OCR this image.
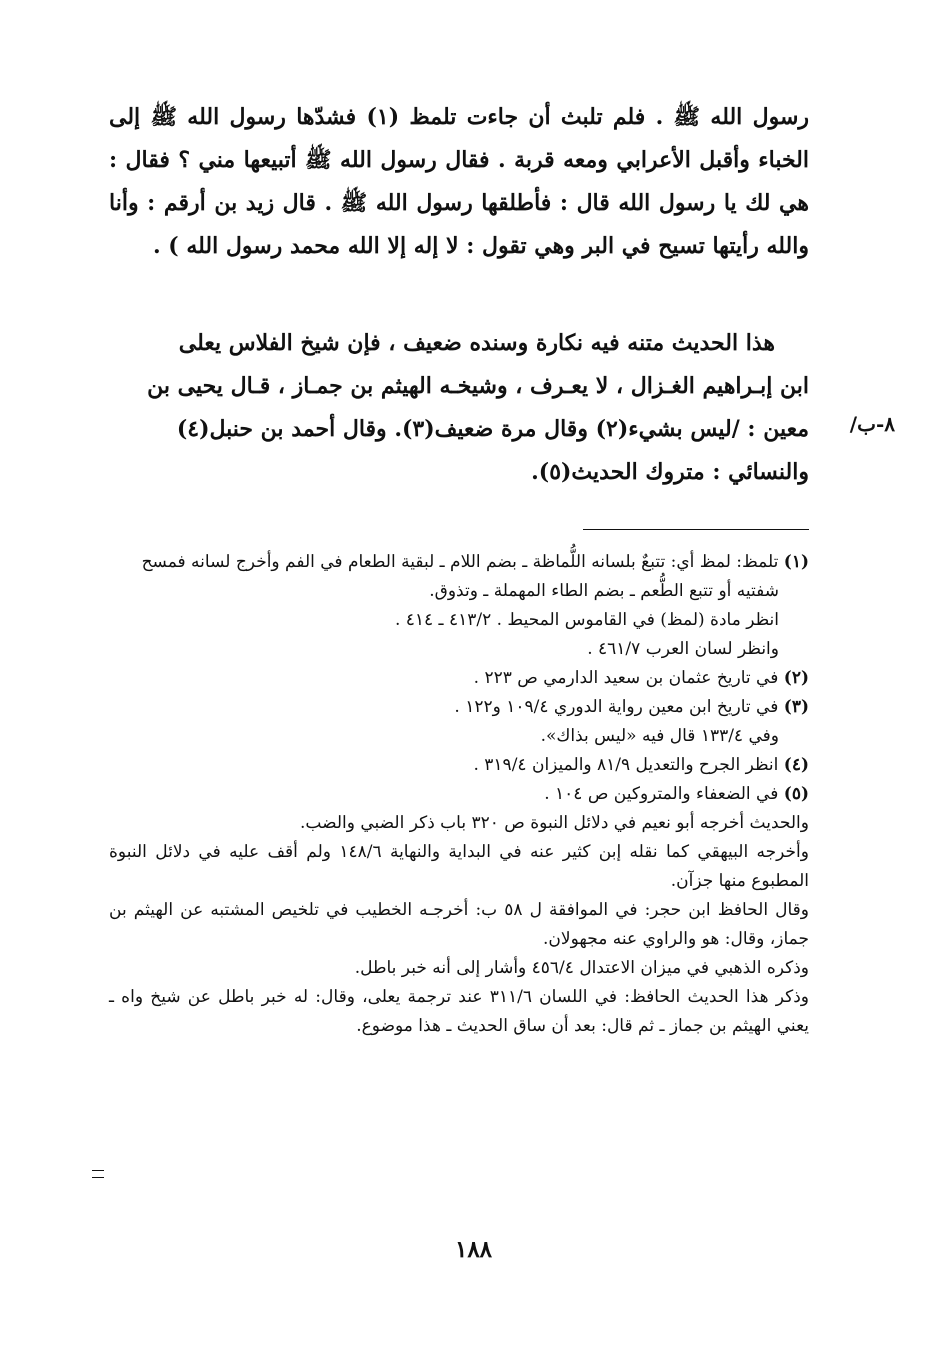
رسول الله ﷺ . فلم تلبث أن جاءت تلمظ (١) فشدّها رسول الله ﷺ إلى الخباء وأقبل الأعرابي ومعه قربة . فقال رسول الله ﷺ أتبيعها مني ؟ فقال : هي لك يا رسول الله قال : فأطلقها رسول الله ﷺ . قال زيد بن أرقم : وأنا والله رأيتها تسيح في البر وهي تقول : لا إله إلا الله محمد رسول الله ) .

هذا الحديث متنه فيه نكارة وسنده ضعيف ، فإن شيخ الفلاس يعلى
ابن إبـراهيم الغـزال ، لا يعـرف ، وشيخـه الهيثم بن جمـاز ، قـال يحيى بن
معين : /ليس بشيء(٢) وقال مرة ضعيف(٣). وقال أحمد بن حنبل(٤)
والنسائي : متروك الحديث(٥).
/٨-ب

(١) تلمظ: لمظ أي: تتبعٌ بلسانه اللُّماظة ـ بضم اللام ـ لبقية الطعام في الفم وأخرج لسانه فمسح شفتيه أو تتبع الطُّعم ـ بضم الطاء المهملة ـ وتذوق.

انظر مادة (لمظ) في القاموس المحيط . ٤١٣/٢ ـ ٤١٤ .

وانظر لسان العرب ٤٦١/٧ .

(٢) في تاريخ عثمان بن سعيد الدارمي ص ٢٢٣ .

(٣) في تاريخ ابن معين رواية الدوري ١٠٩/٤ و١٢٢ .

وفي ١٣٣/٤ قال فيه «ليس بذاك».

(٤) انظر الجرح والتعديل ٨١/٩ والميزان ٣١٩/٤ .

(٥) في الضعفاء والمتروكين ص ١٠٤ .

والحديث أخرجه أبو نعيم في دلائل النبوة ص ٣٢٠ باب ذكر الضبي والضب.

وأخرجه البيهقي كما نقله إبن كثير عنه في البداية والنهاية ١٤٨/٦ ولم أقف عليه في دلائل النبوة المطبوع منها جزآن.

وقال الحافظ ابن حجر: في الموافقة ل ٥٨ ب: أخرجـه الخطيب في تلخيص المشتبه عن الهيثم بن جماز، وقال: هو والراوي عنه مجهولان.

وذكره الذهبي في ميزان الاعتدال ٤٥٦/٤ وأشار إلى أنه خبر باطل.

وذكر هذا الحديث الحافظ: في اللسان ٣١١/٦ عند ترجمة يعلى، وقال: له خبر باطل عن شيخ واه ـ يعني الهيثم بن جماز ـ ثم قال: بعد أن ساق الحديث ـ هذا موضوع.

١٨٨
